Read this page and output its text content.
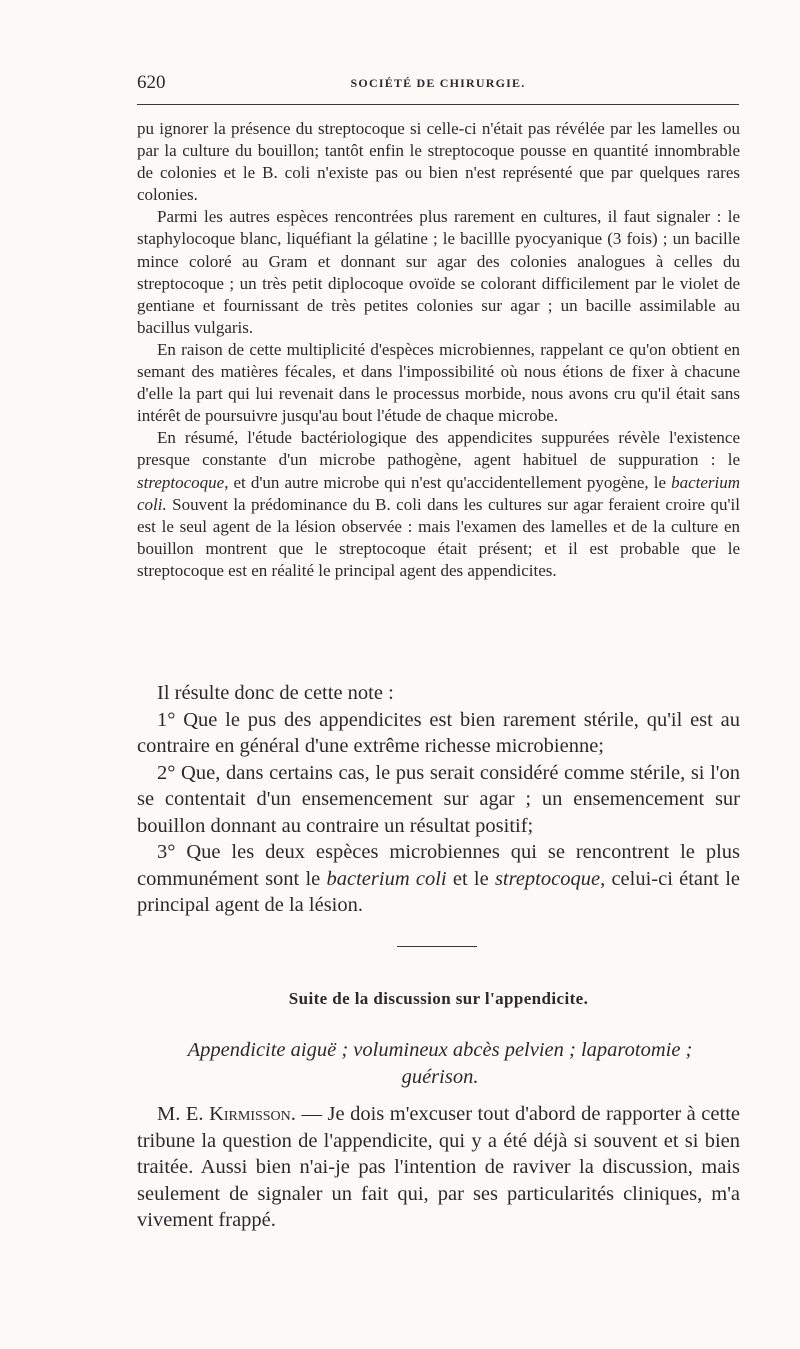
620	SOCIÉTÉ DE CHIRURGIE.

pu ignorer la présence du streptocoque si celle-ci n'était pas révélée par les lamelles ou par la culture du bouillon; tantôt enfin le streptocoque pousse en quantité innombrable de colonies et le B. coli n'existe pas ou bien n'est représenté que par quelques rares colonies.

Parmi les autres espèces rencontrées plus rarement en cultures, il faut signaler : le staphylocoque blanc, liquéfiant la gélatine ; le bacillle pyocyanique (3 fois) ; un bacille mince coloré au Gram et donnant sur agar des colonies analogues à celles du streptocoque ; un très petit diplocoque ovoïde se colorant difficilement par le violet de gentiane et fournissant de très petites colonies sur agar ; un bacille assimilable au bacillus vulgaris.

En raison de cette multiplicité d'espèces microbiennes, rappelant ce qu'on obtient en semant des matières fécales, et dans l'impossibilité où nous étions de fixer à chacune d'elle la part qui lui revenait dans le processus morbide, nous avons cru qu'il était sans intérêt de poursuivre jusqu'au bout l'étude de chaque microbe.

En résumé, l'étude bactériologique des appendicites suppurées révèle l'existence presque constante d'un microbe pathogène, agent habituel de suppuration : le streptocoque, et d'un autre microbe qui n'est qu'accidentellement pyogène, le bacterium coli. Souvent la prédominance du B. coli dans les cultures sur agar feraient croire qu'il est le seul agent de la lésion observée : mais l'examen des lamelles et de la culture en bouillon montrent que le streptocoque était présent; et il est probable que le streptocoque est en réalité le principal agent des appendicites.

Il résulte donc de cette note :

1° Que le pus des appendicites est bien rarement stérile, qu'il est au contraire en général d'une extrême richesse microbienne;

2° Que, dans certains cas, le pus serait considéré comme stérile, si l'on se contentait d'un ensemencement sur agar ; un ensemencement sur bouillon donnant au contraire un résultat positif;

3° Que les deux espèces microbiennes qui se rencontrent le plus communément sont le bacterium coli et le streptocoque, celui-ci étant le principal agent de la lésion.

Suite de la discussion sur l'appendicite.
Appendicite aiguë ; volumineux abcès pelvien ; laparotomie ; guérison.

M. E. Kirmisson. — Je dois m'excuser tout d'abord de rapporter à cette tribune la question de l'appendicite, qui y a été déjà si souvent et si bien traitée. Aussi bien n'ai-je pas l'intention de raviver la discussion, mais seulement de signaler un fait qui, par ses particularités cliniques, m'a vivement frappé.
